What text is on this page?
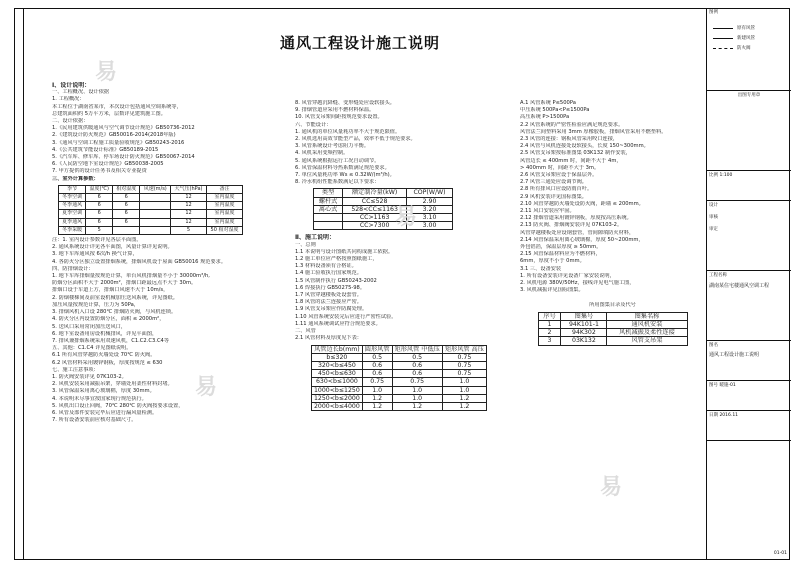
通风工程设计施工说明
Ⅰ、设计说明：
一、工程概况、设计依据
1. 工程概况：
本工程位于湖南省某市，本次设计包括通风空调系统等，
总建筑面积约 5万平方米，层数详见建筑施工图。
二、设计依据：
1.《民用建筑供暖通风与空气调节设计规范》GB50736-2012
2.《建筑设计防火规范》GB50016-2014(2018年版)
3.《通风与空调工程施工质量验收规范》GB50243-2016
4.《公共建筑节能设计标准》GB50189-2015
5.《汽车库、修车库、停车场设计防火规范》GB50067-2014
6.《人民防空地下室设计规范》GB50038-2005
7. 甲方提供的设计任务书及相关专业提资
三、室外计算参数：
季节	温度(℃)	相对湿度	风速(m/s)	大气压(hPa)	备注
冬季空调	6	6		12	室内温度
冬季通风	6	6		12	室内温度
夏季空调	6	6		12	室内温度
夏季通风	6	6		12	室内温度
冬季采暖	5			5	50 相对湿度
注：1. 室内设计参数详见各层平面图。
2. 通风系统设计详见各平面图，风量计算详见说明。
3. 地下车库通风按 6次/h 换气计算，
4. 各防火分区独立设置排烟系统，排烟风机设于屋面 GB50016 规范要求。
四、防排烟设计：
1. 地下车库排烟量按规范计算，单台风机排烟量不小于 30000m³/h,
防烟分区面积不大于 2000m²，排烟口距最远点不大于 30m。
排烟口设于车道上方，排烟口风速不大于 10m/s，
2. 防烟楼梯间及前室设机械加压送风系统，详见图纸。
加压风量按规范计算，压力为 50Pa，
3. 排烟风机入口设 280℃ 排烟防火阀，与风机连锁。
4. 防火分区内设置防烟分区，面积 ≤ 2000m²，
5. 送风口采用常闭加压送风口，
6. 地下室设备用房设机械排风，详见平面图，
7. 排风兼排烟系统采用双速风机，C1.C2.C3.C4等
五、其他：C1.C4 详见图纸说明。
6.1 所有风管穿越防火墙处设 70℃ 防火阀。
6.2 风管材料采用镀锌钢板，厚度按规范 ≤ 630
七、施工注意事项：
1. 防火阀安装详见 07K103-2。
2. 风机安装采用减振吊架，穿墙处用柔性材料封堵。
3. 风管保温采用离心玻璃棉，厚度 30mm。
4. 本说明未尽事宜按国家现行规范执行。
5. 风机出口设止回阀，70℃ 280℃ 防火阀按要求设置，
6. 风管及部件安装完毕后应进行漏风量检测。
7. 所有设备安装前应核对基础尺寸。
8. 风管穿越沉降缝、变形缝处应设软接头。
9. 排烟管道应采用不燃材料保温。
10. 风管支吊架间距按规范要求设置。
六、节能设计：
1. 通风机的单位风量耗功率不大于规范限值。
2. 风机选用高效节能型产品，效率不低于规范要求。
3. 风管系统设计考虑阻力平衡。
4. 风机采用变频控制。
5. 通风系统根据运行工况自动调节。
6. 风管保温材料导热系数满足规范要求。
7. 单位风量耗功率 Ws ≤ 0.32W/(m³/h)。
8. 冷水机组性能系数满足以下要求：
类型	额定制冷量(kW)	COP(W/W)
螺杆式	CC≤528	2.90
离心式	528<CC≤1163	3.20
	CC>1163	3.10
	CC>7300	3.00
Ⅱ、施工说明：
一、总则
1.1 本说明与设计图纸共同构成施工依据。
1.2 施工单位应严格按照图纸施工，
1.3 材料设备须有合格证。
1.4 施工验收执行国家规范。
1.5 风管制作执行 GB50243-2002
1.6 焊接执行 GB50275-98。
1.7 风管穿越楼板处设套管。
1.8 风管的法兰连接应严密。
1.9 风管支吊架应作防腐处理。
1.10 风管系统安装完后应进行严密性试验。
1.11 通风系统调试应符合规范要求。
二、风管
2.1 风管材料及厚度见下表：
风管边长b(mm)	圆形风管	矩形风管 中低压	矩形风管 高压
b≤320	0.5	0.5	0.75
320<b≤450	0.6	0.6	0.75
450<b≤630	0.6	0.6	0.75
630<b≤1000	0.75	0.75	1.0
1000<b≤1250	1.0	1.0	1.0
1250<b≤2000	1.2	1.0	1.2
2000<b≤4000	1.2	1.2	1.2
A.1 风管系统 P≤500Pa
中压系统 500Pa<P≤1500Pa
高压系统 P>1500Pa
2.2 风管系统的严密性检验应满足规范要求。
风管法兰间垫料采用 3mm 厚橡胶板，排烟风管采用不燃垫料。
2.3 风管的连接：钢板风管采用咬口连接，
2.4 风管与风机连接处设软接头，长度 150~300mm。
2.5 风管支吊架按标准图集 03K132 制作安装，
风管边长 ≤ 400mm 时，间距不大于 4m，
> 400mm 时，间距不大于 3m。
2.6 风管支吊架应设于保温层外。
2.7 风管三通处应设调节阀。
2.8 所有排风口应设防雨百叶。
2.9 风机安装详见国标图集。
2.10 风管穿越防火墙处设防火阀，距墙 ≤ 200mm。
2.11 风口安装应牢固。
2.12 排烟管道采用镀锌钢板，厚度按高压系统。
2.13 防火阀、排烟阀安装详见 07K103-2。
风管穿越楼板处应设钢套管，管间隙填防火材料，
2.14 风管保温采用离心玻璃棉，厚度 50~200mm，
外包铝箔，保温层厚度 ≥ 50mm。
2.15 风管保温材料应为不燃材料，
6mm，厚度不小于 0mm。
3.1 三、设备安装
1. 所有设备安装详见设备厂家安装说明，
2. 风机电源 380V/50Hz，接线详见电气施工图，
3. 风机减振详见国标图集。
所用图集目录及代号
序号	图集号	图集名称
1	94K101-1	通风机安装
2	94K302	风机减振及柔性连接
3	03K132	风管支吊架
图例
原有风管
新建风管
防火阀
出图专用章
比例 1:100
设计
审核
审定
工程名称
湖南某住宅楼通风空调工程
图名
通风工程设计施工说明
图号 暖施-01
日期 2016.11
01-01
易
易
易
易
